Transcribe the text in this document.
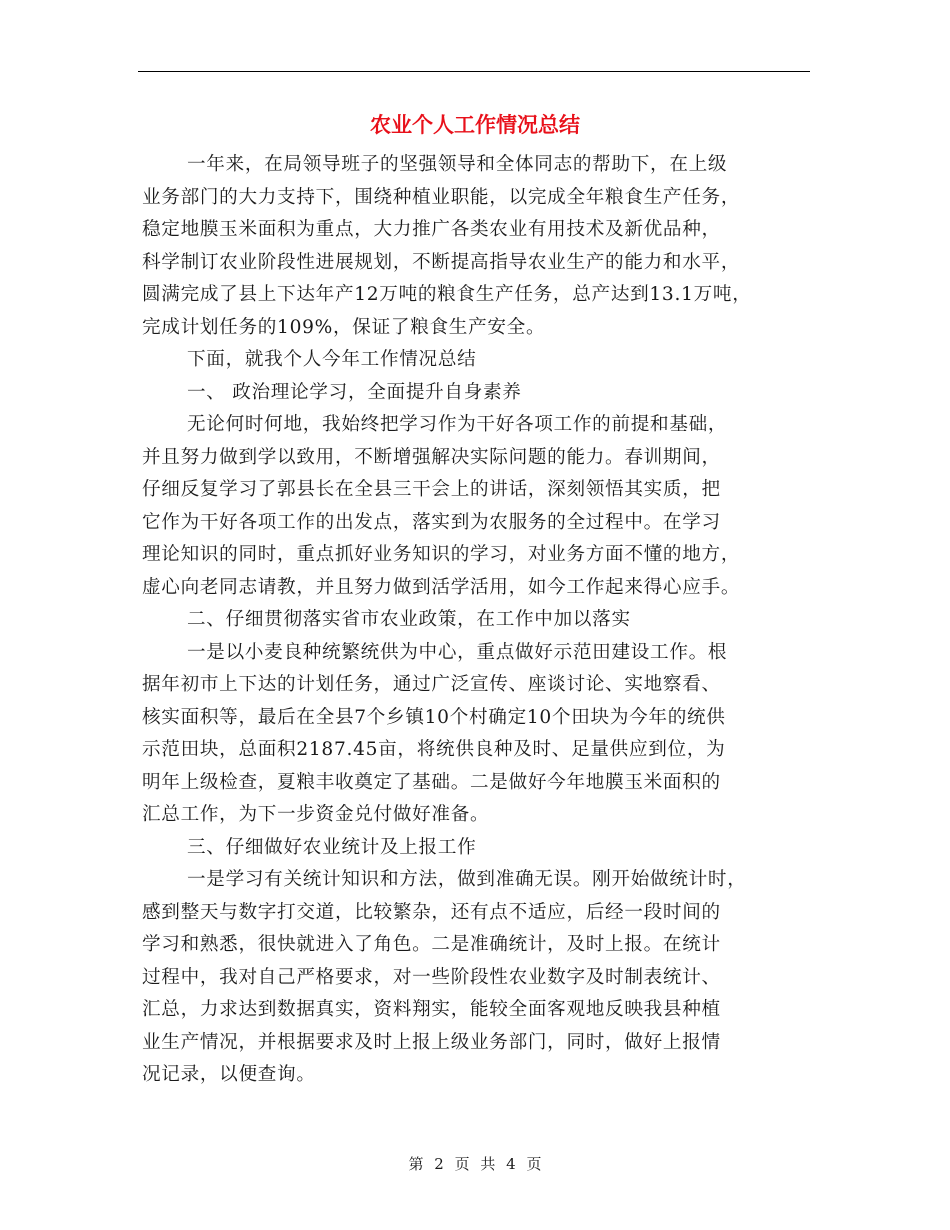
农业个人工作情况总结

一年来，在局领导班子的坚强领导和全体同志的帮助下，在上级

业务部门的大力支持下，围绕种植业职能，以完成全年粮食生产任务，

稳定地膜玉米面积为重点，大力推广各类农业有用技术及新优品种，

科学制订农业阶段性进展规划，不断提高指导农业生产的能力和水平，

圆满完成了县上下达年产12万吨的粮食生产任务，总产达到13.1万吨，

完成计划任务的109%，保证了粮食生产安全。

下面，就我个人今年工作情况总结

一、 政治理论学习，全面提升自身素养

无论何时何地，我始终把学习作为干好各项工作的前提和基础，

并且努力做到学以致用，不断增强解决实际问题的能力。春训期间，

仔细反复学习了郭县长在全县三干会上的讲话，深刻领悟其实质，把

它作为干好各项工作的出发点，落实到为农服务的全过程中。在学习

理论知识的同时，重点抓好业务知识的学习，对业务方面不懂的地方，

虚心向老同志请教，并且努力做到活学活用，如今工作起来得心应手。

二、仔细贯彻落实省市农业政策，在工作中加以落实

一是以小麦良种统繁统供为中心，重点做好示范田建设工作。根

据年初市上下达的计划任务，通过广泛宣传、座谈讨论、实地察看、

核实面积等，最后在全县7个乡镇10个村确定10个田块为今年的统供

示范田块，总面积2187.45亩，将统供良种及时、足量供应到位，为

明年上级检查，夏粮丰收奠定了基础。二是做好今年地膜玉米面积的

汇总工作，为下一步资金兑付做好准备。

三、仔细做好农业统计及上报工作

一是学习有关统计知识和方法，做到准确无误。刚开始做统计时，

感到整天与数字打交道，比较繁杂，还有点不适应，后经一段时间的

学习和熟悉，很快就进入了角色。二是准确统计，及时上报。在统计

过程中，我对自己严格要求，对一些阶段性农业数字及时制表统计、

汇总，力求达到数据真实，资料翔实，能较全面客观地反映我县种植

业生产情况，并根据要求及时上报上级业务部门，同时，做好上报情

况记录，以便查询。

第 2 页 共 4 页
